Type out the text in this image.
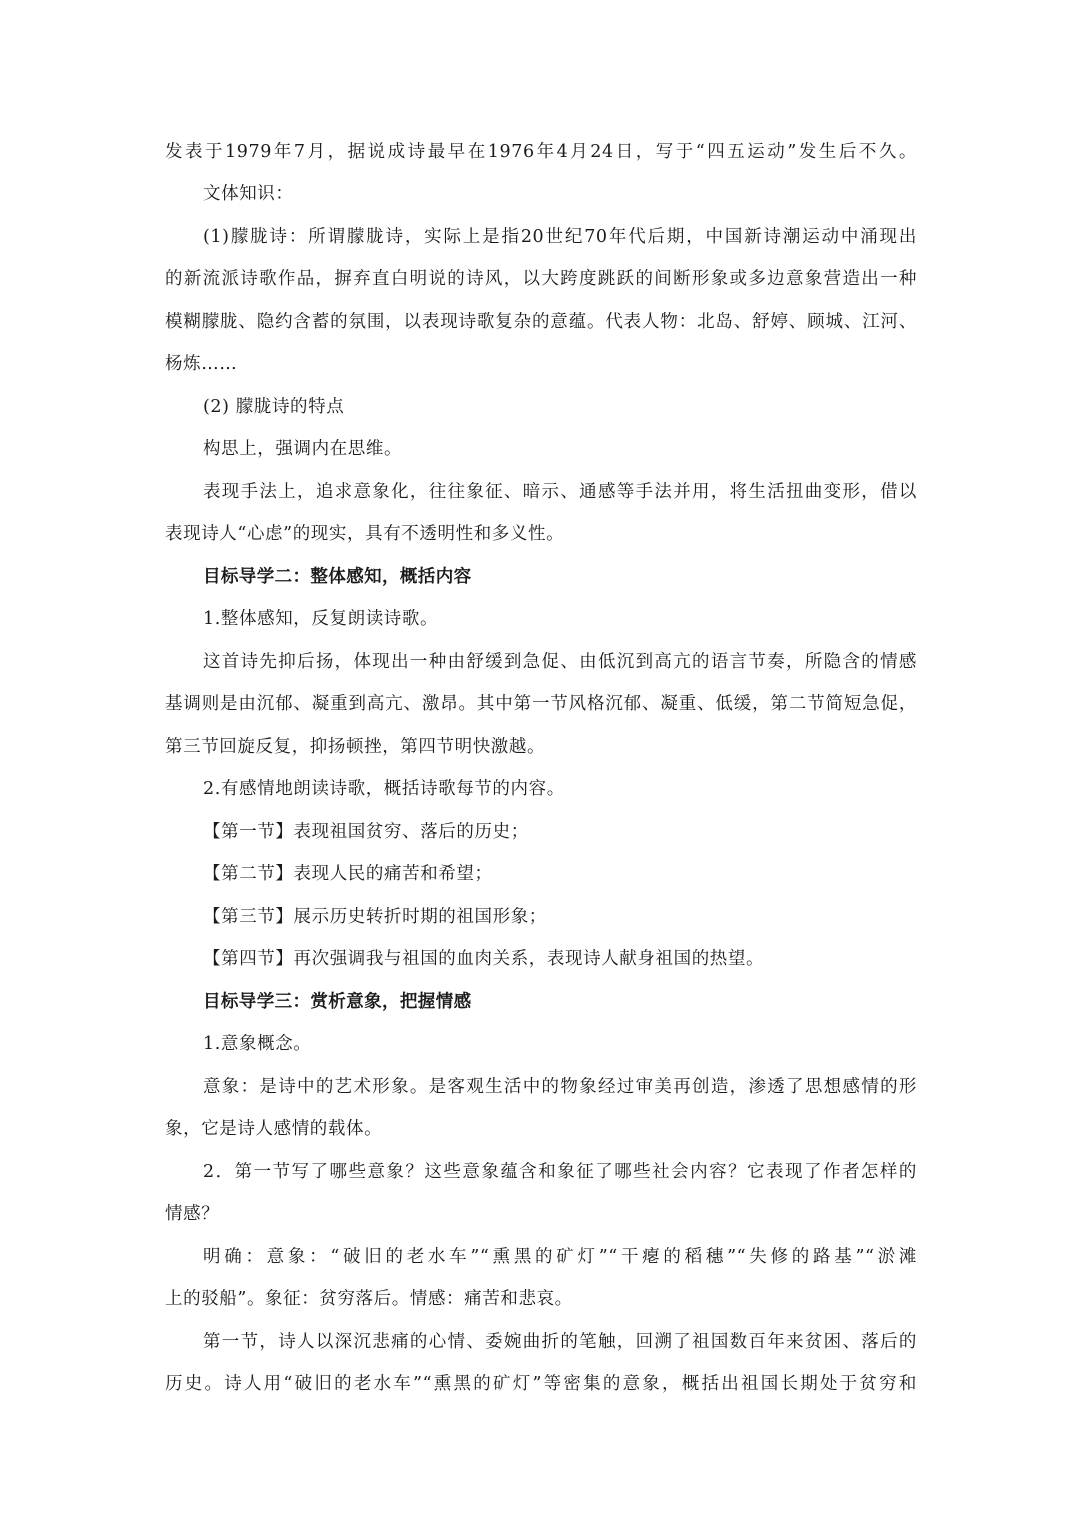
发表于1979年7月，据说成诗最早在1976年4月24日，写于“四五运动”发生后不久。
文体知识：
(1)朦胧诗：所谓朦胧诗，实际上是指20世纪70年代后期，中国新诗潮运动中涌现出
的新流派诗歌作品，摒弃直白明说的诗风，以大跨度跳跃的间断形象或多边意象营造出一种
模糊朦胧、隐约含蓄的氛围，以表现诗歌复杂的意蕴。代表人物：北岛、舒婷、顾城、江河、
杨炼……
(2) 朦胧诗的特点
构思上，强调内在思维。
表现手法上，追求意象化，往往象征、暗示、通感等手法并用，将生活扭曲变形，借以
表现诗人“心虑”的现实，具有不透明性和多义性。
目标导学二：整体感知，概括内容
1.整体感知，反复朗读诗歌。
这首诗先抑后扬，体现出一种由舒缓到急促、由低沉到高亢的语言节奏，所隐含的情感
基调则是由沉郁、凝重到高亢、激昂。其中第一节风格沉郁、凝重、低缓，第二节简短急促，
第三节回旋反复，抑扬顿挫，第四节明快激越。
2.有感情地朗读诗歌，概括诗歌每节的内容。
【第一节】表现祖国贫穷、落后的历史；
【第二节】表现人民的痛苦和希望；
【第三节】展示历史转折时期的祖国形象；
【第四节】再次强调我与祖国的血肉关系，表现诗人献身祖国的热望。
目标导学三：赏析意象，把握情感
1.意象概念。
意象：是诗中的艺术形象。是客观生活中的物象经过审美再创造，渗透了思想感情的形
象，它是诗人感情的载体。
2．第一节写了哪些意象？这些意象蕴含和象征了哪些社会内容？它表现了作者怎样的
情感？
明确：意象：“破旧的老水车”“熏黑的矿灯”“干瘪的稻穗”“失修的路基”“淤滩
上的驳船”。象征：贫穷落后。情感：痛苦和悲哀。
第一节，诗人以深沉悲痛的心情、委婉曲折的笔触，回溯了祖国数百年来贫困、落后的
历史。诗人用“破旧的老水车”“熏黑的矿灯”等密集的意象，概括出祖国长期处于贫穷和
